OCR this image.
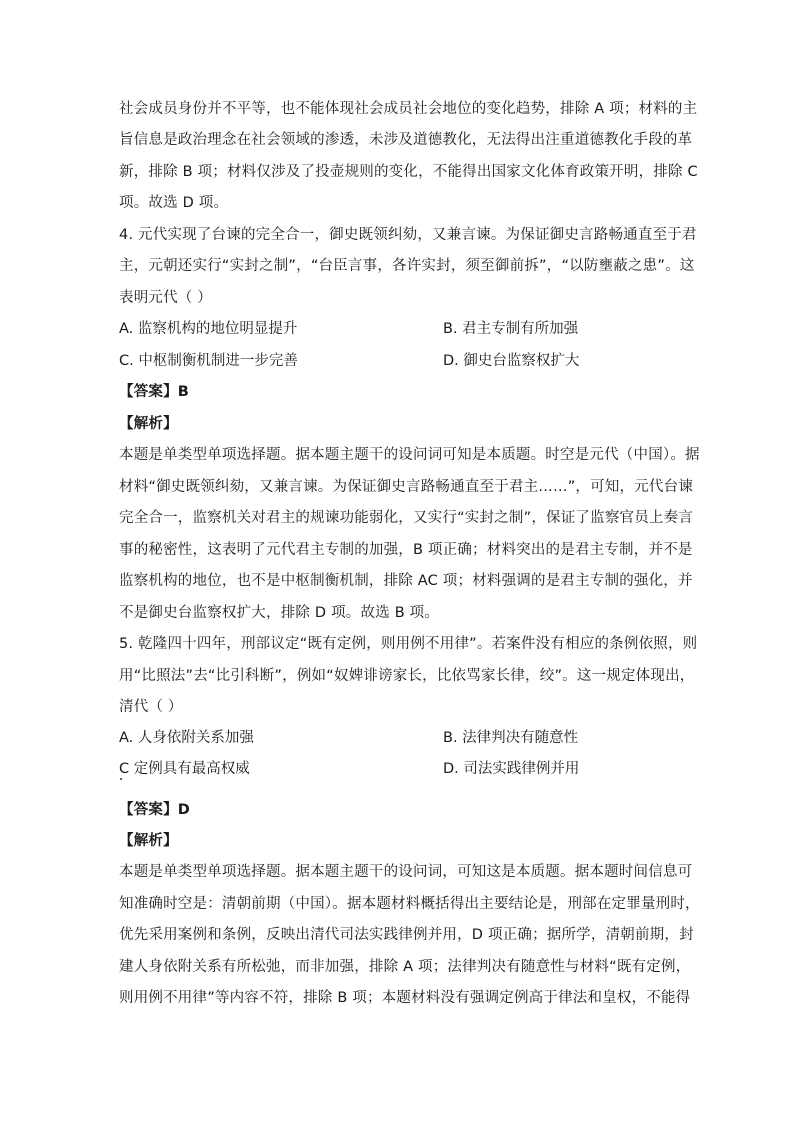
社会成员身份并不平等，也不能体现社会成员社会地位的变化趋势，排除 A 项；材料的主
旨信息是政治理念在社会领域的渗透，未涉及道德教化，无法得出注重道德教化手段的革
新，排除 B 项；材料仅涉及了投壶规则的变化，不能得出国家文化体育政策开明，排除 C
项。故选 D 项。
4. 元代实现了台谏的完全合一，御史既领纠劾，又兼言谏。为保证御史言路畅通直至于君
主，元朝还实行“实封之制”，“台臣言事，各许实封，须至御前拆”，“以防壅蔽之患”。这
表明元代（ ）
A. 监察机构的地位明显提升	B. 君主专制有所加强
C. 中枢制衡机制进一步完善	D. 御史台监察权扩大
【答案】B
【解析】
本题是单类型单项选择题。据本题主题干的设问词可知是本质题。时空是元代（中国）。据
材料“御史既领纠劾，又兼言谏。为保证御史言路畅通直至于君主……”，可知，元代台谏
完全合一，监察机关对君主的规谏功能弱化，又实行“实封之制”，保证了监察官员上奏言
事的秘密性，这表明了元代君主专制的加强，B 项正确；材料突出的是君主专制，并不是
监察机构的地位，也不是中枢制衡机制，排除 AC 项；材料强调的是君主专制的强化，并
不是御史台监察权扩大，排除 D 项。故选 B 项。
5. 乾隆四十四年，刑部议定“既有定例，则用例不用律”。若案件没有相应的条例依照，则
用“比照法”去“比引科断”，例如“奴婢诽谤家长，比依骂家长律，绞”。这一规定体现出，
清代（ ）
A. 人身依附关系加强	B. 法律判决有随意性
C 定例具有最高权威	D. 司法实践律例并用
【答案】D
【解析】
本题是单类型单项选择题。据本题主题干的设问词，可知这是本质题。据本题时间信息可
知准确时空是：清朝前期（中国）。据本题材料概括得出主要结论是，刑部在定罪量刑时，
优先采用案例和条例，反映出清代司法实践律例并用，D 项正确；据所学，清朝前期，封
建人身依附关系有所松弛，而非加强，排除 A 项；法律判决有随意性与材料“既有定例，
则用例不用律”等内容不符，排除 B 项；本题材料没有强调定例高于律法和皇权，不能得
